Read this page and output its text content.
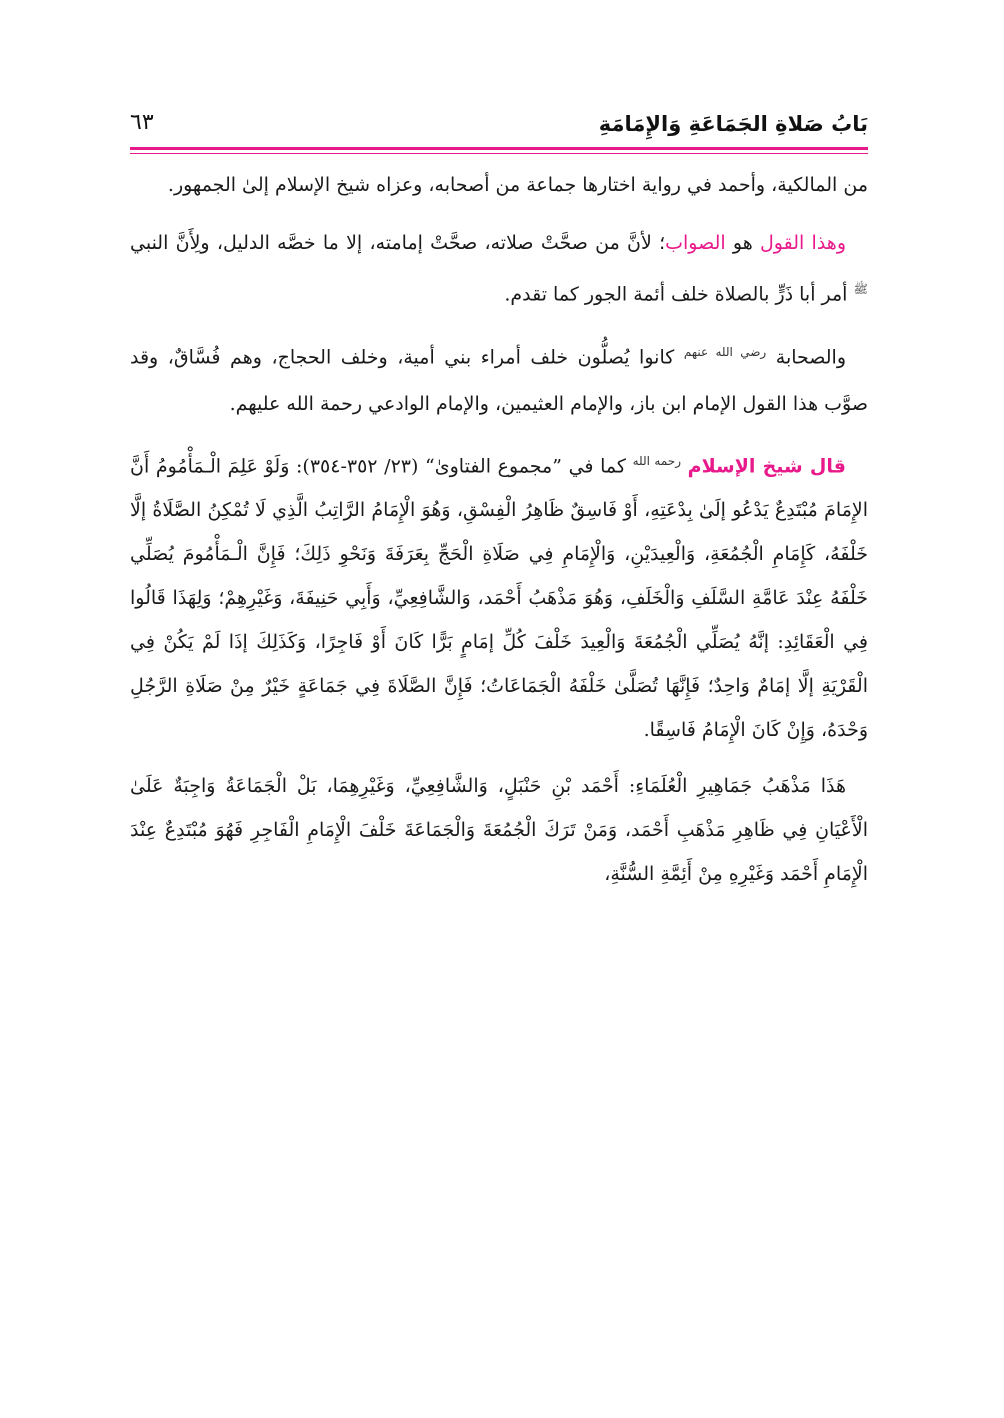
بَابُ صَلاةِ الجَمَاعَةِ وَالإِمَامَةِ
٦٣

من المالكية، وأحمد في رواية اختارها جماعة من أصحابه، وعزاه شيخ الإسلام إلىٰ الجمهور.

وهذا القول هو الصواب؛ لأنَّ من صحَّتْ صلاته، صحَّتْ إمامته، إلا ما خصَّه الدليل، ولِأَنَّ النبي $^ﷺ$ أمر أبا ذَرٍّ بالصلاة خلف أئمة الجور كما تقدم.

والصحابة $^{رضي الله عنهم}$ كانوا يُصلُّون خلف أمراء بني أمية، وخلف الحجاج، وهم فُسَّاقٌ، وقد صوَّب هذا القول الإمام ابن باز، والإمام العثيمين، والإمام الوادعي رحمة الله عليهم.

قال شيخ الإسلام $^{رحمه الله}$ كما في ”مجموع الفتاوىٰ“ (٢٣/ ٣٥٢-٣٥٤): وَلَوْ عَلِمَ الْـمَأْمُومُ أَنَّ الإِمَامَ مُبْتَدِعٌ يَدْعُو إلَىٰ بِدْعَتِهِ، أَوْ فَاسِقٌ ظَاهِرُ الْفِسْقِ، وَهُوَ الْإِمَامُ الرَّاتِبُ الَّذِي لَا تُمْكِنُ الصَّلَاةُ إلَّا خَلْفَهُ، كَإِمَامِ الْجُمُعَةِ، وَالْعِيدَيْنِ، وَالْإِمَامِ فِي صَلَاةِ الْحَجِّ بِعَرَفَةَ وَنَحْوِ ذَلِكَ؛ فَإِنَّ الْـمَأْمُومَ يُصَلِّي خَلْفَهُ عِنْدَ عَامَّةِ السَّلَفِ وَالْخَلَفِ، وَهُوَ مَذْهَبُ أَحْمَد، وَالشَّافِعِيِّ، وَأَبِي حَنِيفَةَ، وَغَيْرِهِمْ؛ وَلِهَذَا قَالُوا فِي الْعَقَائِدِ: إنَّهُ يُصَلِّي الْجُمُعَةَ وَالْعِيدَ خَلْفَ كُلِّ إمَامٍ بَرًّا كَانَ أَوْ فَاجِرًا، وَكَذَلِكَ إذَا لَمْ يَكُنْ فِي الْقَرْيَةِ إلَّا إمَامٌ وَاحِدٌ؛ فَإِنَّهَا تُصَلَّىٰ خَلْفَهُ الْجَمَاعَاتُ؛ فَإِنَّ الصَّلَاةَ فِي جَمَاعَةٍ خَيْرٌ مِنْ صَلَاةِ الرَّجُلِ وَحْدَهُ، وَإِنْ كَانَ الْإِمَامُ فَاسِقًا.

هَذَا مَذْهَبُ جَمَاهِيرِ الْعُلَمَاءِ: أَحْمَد بْنِ حَنْبَلٍ، وَالشَّافِعِيِّ، وَغَيْرِهِمَا، بَلْ الْجَمَاعَةُ وَاجِبَةٌ عَلَىٰ الْأَعْيَانِ فِي ظَاهِرِ مَذْهَبِ أَحْمَد، وَمَنْ تَرَكَ الْجُمُعَةَ وَالْجَمَاعَةَ خَلْفَ الْإِمَامِ الْفَاجِرِ فَهُوَ مُبْتَدِعٌ عِنْدَ الْإِمَامِ أَحْمَد وَغَيْرِهِ مِنْ أَئِمَّةِ السُّنَّةِ،
